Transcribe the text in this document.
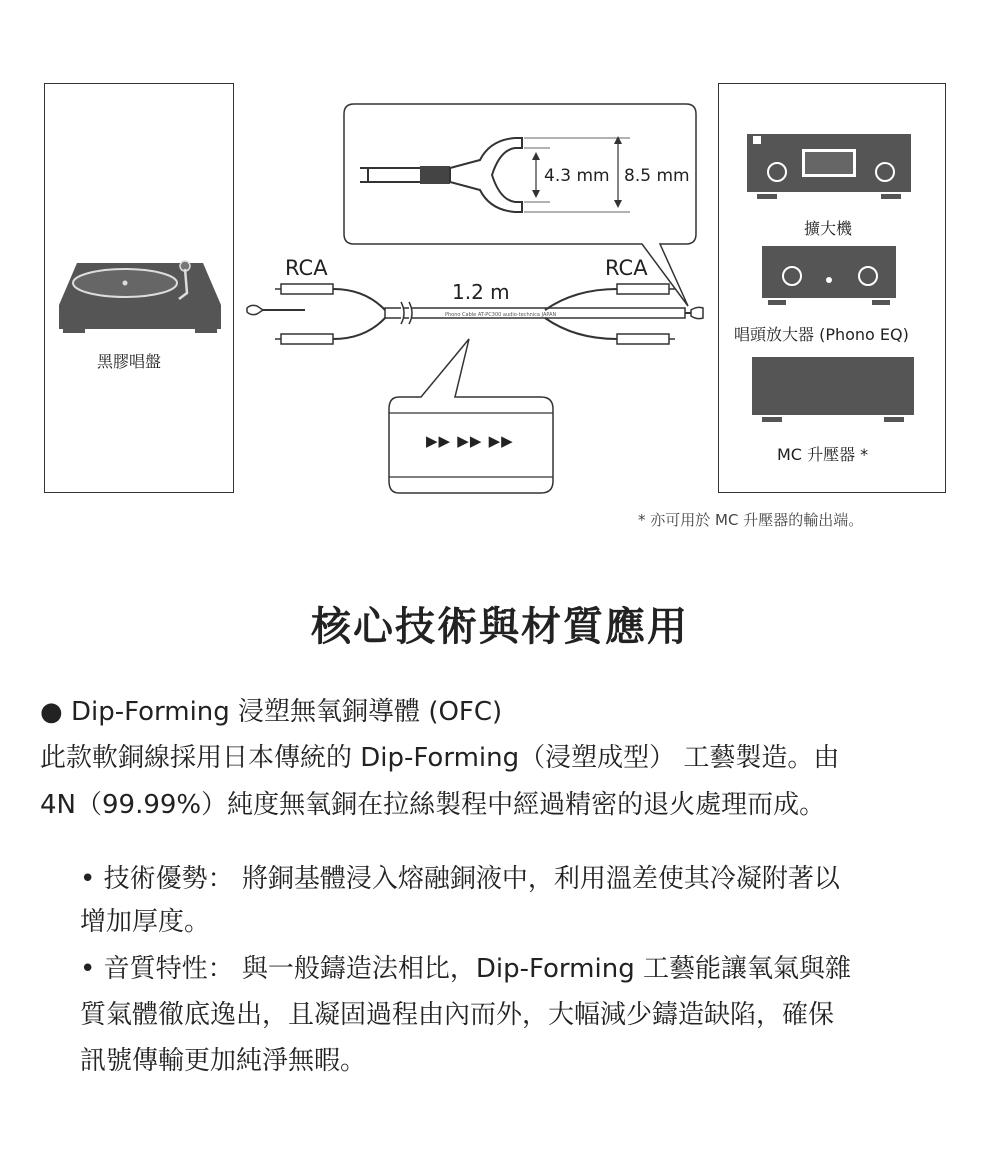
黑膠唱盤
擴大機
唱頭放大器 (Phono EQ)
MC 升壓器 *
4.3 mm 8.5 mm
Phono Cable AT-PC300 audio-technica JAPAN
RCA	RCA
1.2 m
▶▶ ▶▶ ▶▶
* 亦可用於 MC 升壓器的輸出端。
核心技術與材質應用
● Dip-Forming 浸塑無氧銅導體 (OFC)
此款軟銅線採用日本傳統的 Dip-Forming（浸塑成型） 工藝製造。由
4N（99.99%）純度無氧銅在拉絲製程中經過精密的退火處理而成。
• 技術優勢： 將銅基體浸入熔融銅液中，利用溫差使其冷凝附著以
增加厚度。
• 音質特性： 與一般鑄造法相比，Dip-Forming 工藝能讓氧氣與雜
質氣體徹底逸出，且凝固過程由內而外，大幅減少鑄造缺陷，確保
訊號傳輸更加純淨無暇。
